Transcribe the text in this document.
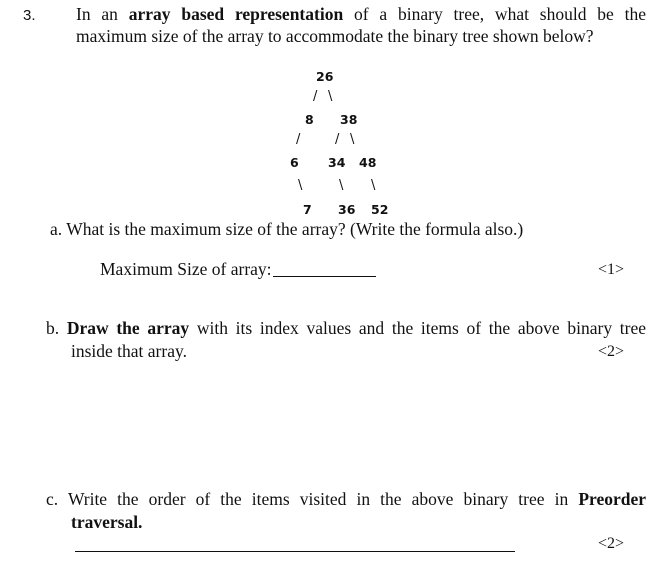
3. In an array based representation of a binary tree, what should be the
maximum size of the array to accommodate the binary tree shown below?
26
/ \
8 38
/	/ \
6 34 48
\	\ \
7 36 52
a. What is the maximum size of the array? (Write the formula also.)
Maximum Size of array:	<1>
b. Draw the array with its index values and the items of the above binary tree
inside that array.	<2>
c. Write the order of the items visited in the above binary tree in Preorder
traversal.
<2>
